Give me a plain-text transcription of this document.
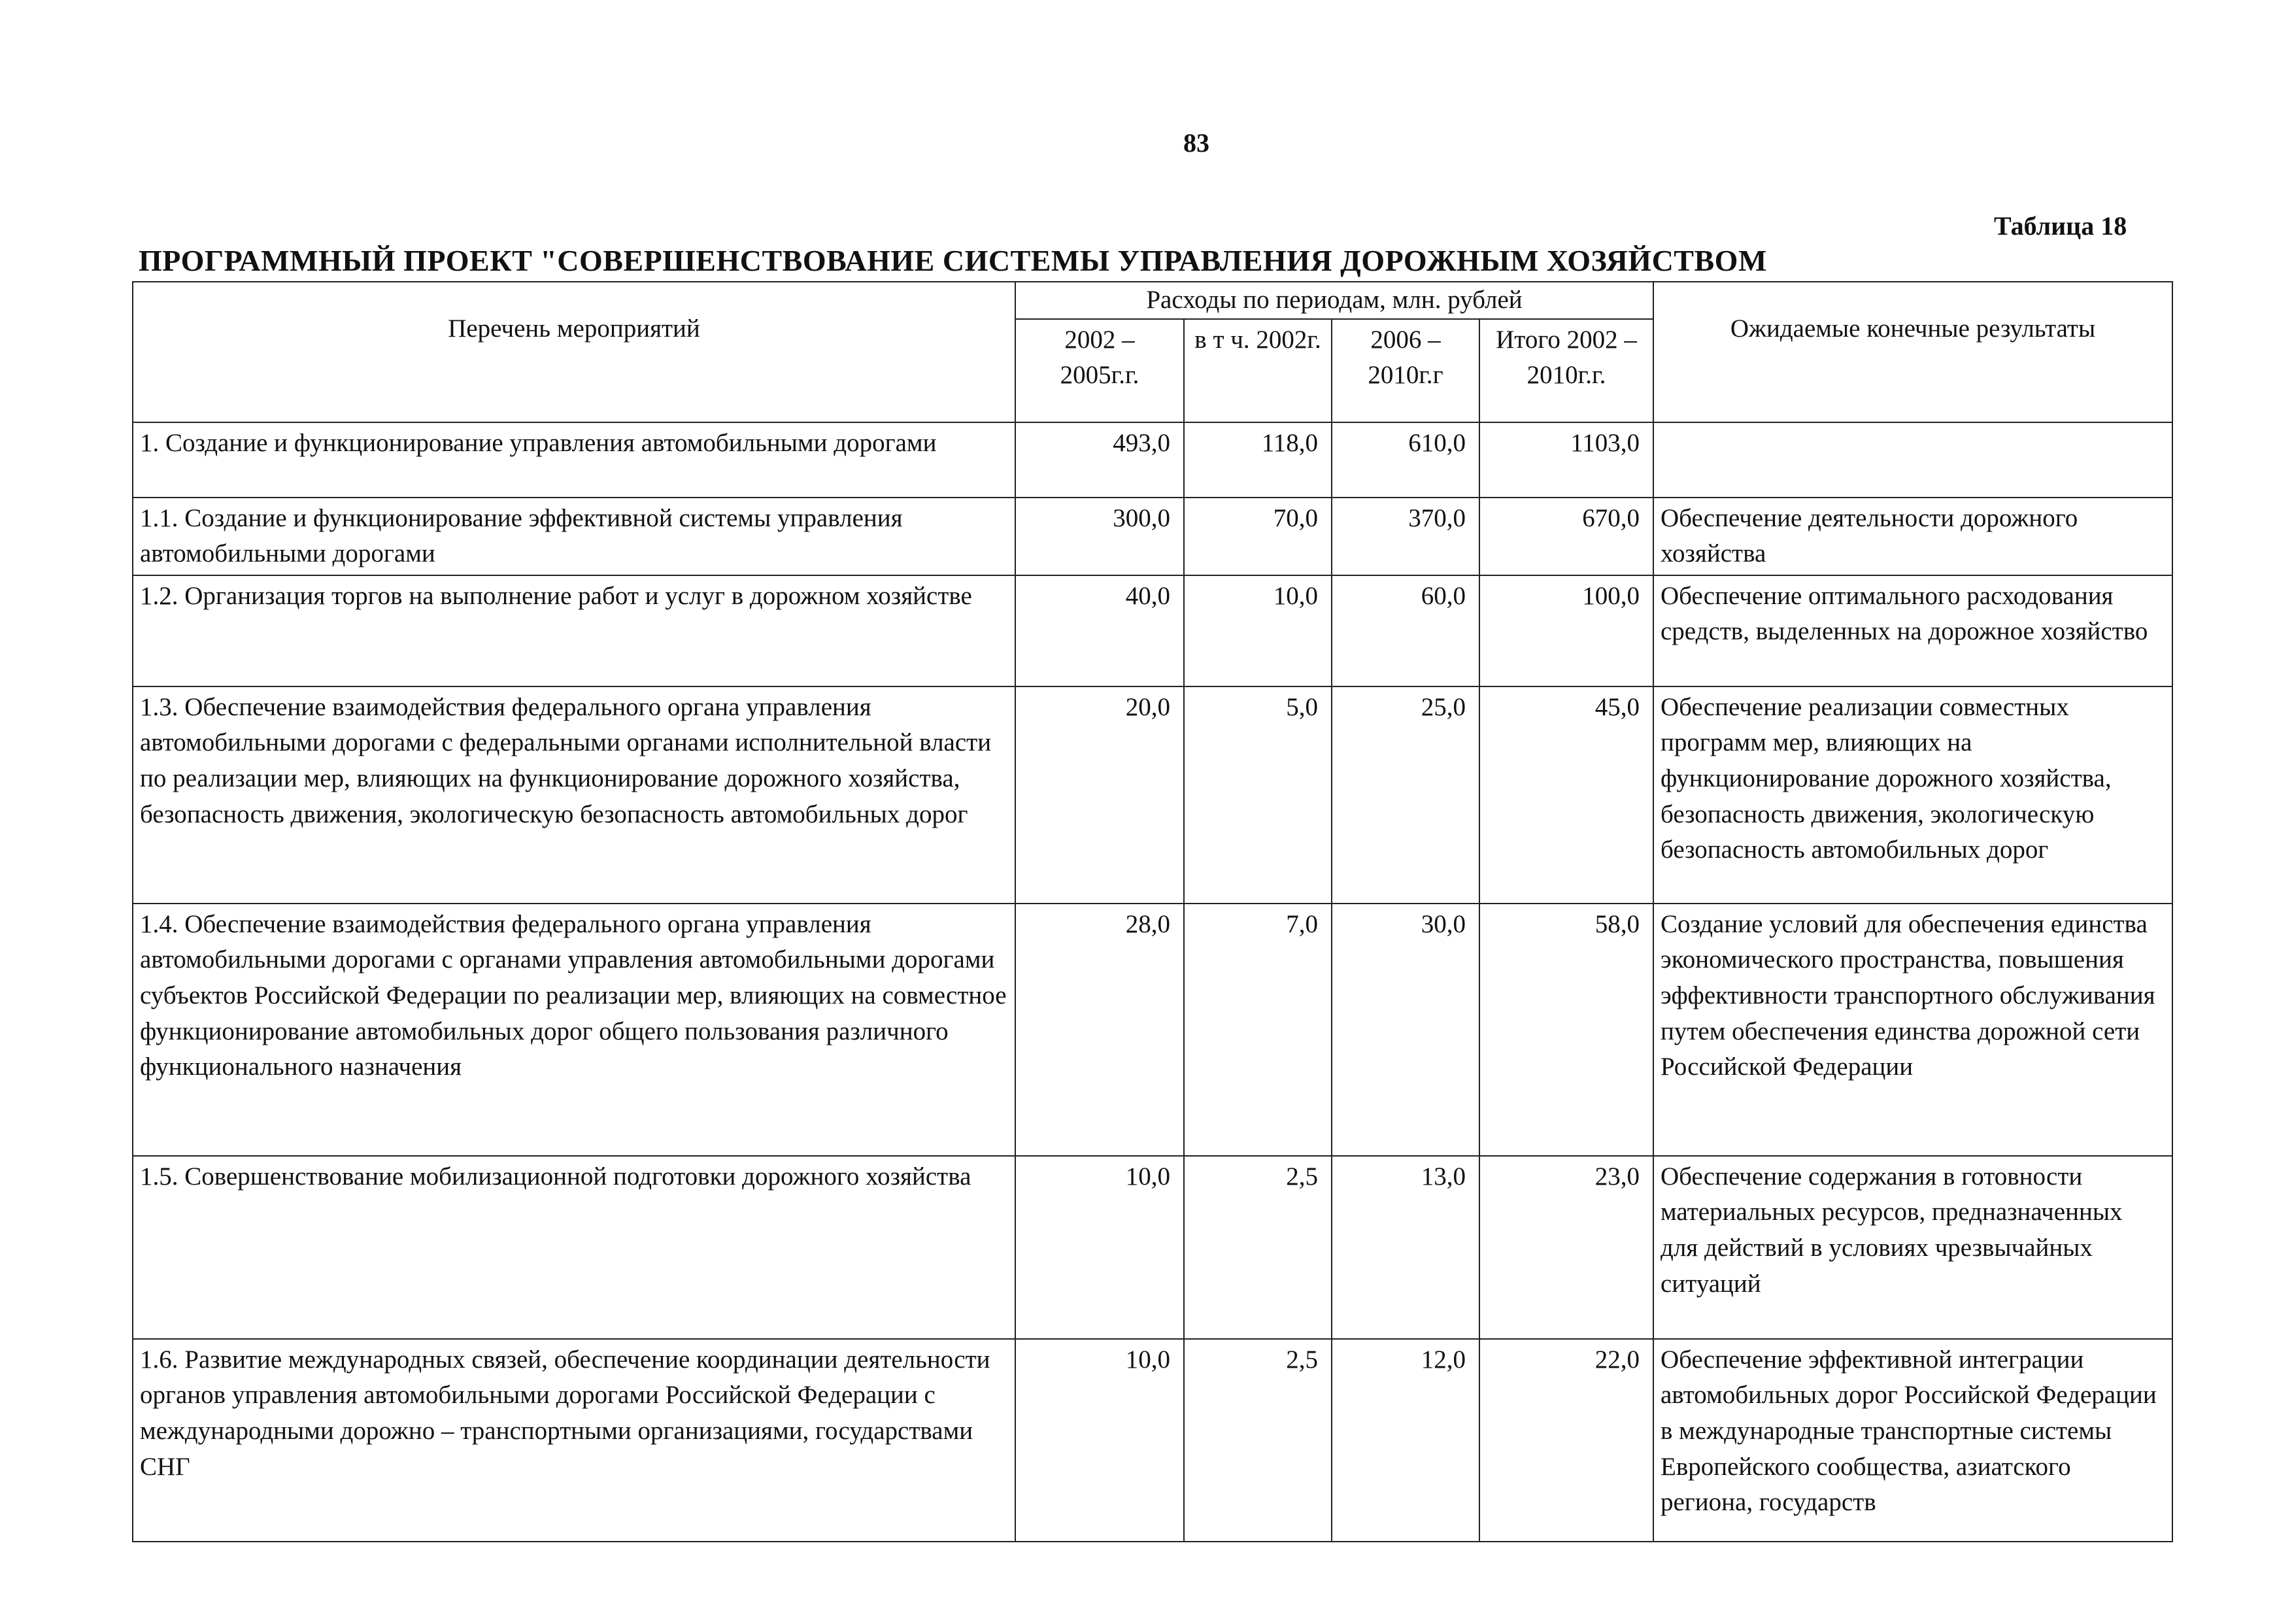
83
Таблица 18
ПРОГРАММНЫЙ ПРОЕКТ "СОВЕРШЕНСТВОВАНИЕ СИСТЕМЫ УПРАВЛЕНИЯ ДОРОЖНЫМ ХОЗЯЙСТВОМ
Перечень мероприятий	Расходы по периодам, млн. рублей				Ожидаемые конечные результаты

	2002 – 2005г.г.	в т ч. 2002г.	2006 – 2010г.г	Итого 2002 – 2010г.г.	
1. Создание и функционирование управления автомобильными дорогами	493,0	118,0	610,0	1103,0	
1.1. Создание и функционирование эффективной системы управления автомобильными дорогами	300,0	70,0	370,0	670,0	Обеспечение деятельности дорожного хозяйства
1.2. Организация торгов на выполнение работ и услуг в дорожном хозяйстве	40,0	10,0	60,0	100,0	Обеспечение оптимального расходования средств, выделенных на дорожное хозяйство
1.3. Обеспечение взаимодействия федерального органа управления автомобильными дорогами с федеральными органами исполнительной власти по реализации мер, влияющих на функционирование дорожного хозяйства, безопасность движения, экологическую безопасность автомобильных дорог	20,0	5,0	25,0	45,0	Обеспечение реализации совместных программ мер, влияющих на функционирование дорожного хозяйства, безопасность движения, экологическую безопасность автомобильных дорог
1.4. Обеспечение взаимодействия федерального органа управления автомобильными дорогами с органами управления автомобильными дорогами субъектов Российской Федерации по реализации мер, влияющих на совместное функционирование автомобильных дорог общего пользования различного функционального назначения	28,0	7,0	30,0	58,0	Создание условий для обеспечения единства экономического пространства, повышения эффективности транспортного обслуживания путем обеспечения единства дорожной сети Российской Федерации
1.5. Совершенствование мобилизационной подготовки дорожного хозяйства	10,0	2,5	13,0	23,0	Обеспечение содержания в готовности материальных ресурсов, предназначенных для действий в условиях чрезвычайных ситуаций
1.6. Развитие международных связей, обеспечение координации деятельности органов управления автомобильными дорогами Российской Федерации с международными дорожно – транспортными организациями, государствами СНГ	10,0	2,5	12,0	22,0	Обеспечение эффективной интеграции автомобильных дорог Российской Федерации в международные транспортные системы Европейского сообщества, азиатского региона, государств
